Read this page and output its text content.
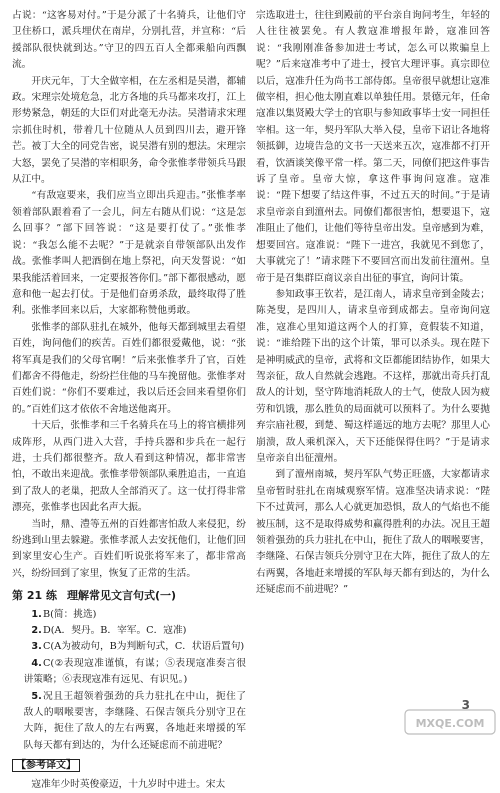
占说：“这客易对付。”于是分派了十名骑兵，让他们守卫住桥口，派兵埋伏在南岸，分别扎营，并宣称：“后援部队很快就到达。”守卫的四五百人全都乘船向西飘流。

开庆元年，丁大全做宰相，在左丞相是吴潜，都辅政。宋理宗处境危急，北方各地的兵马都来攻打，江上形势紧急，朝廷的大臣们对此毫无办法。吴潜请求宋理宗抓住时机，带着几十位随从人员到四川去，避开锋芒。被丁大全的同党告密，说吴潜有别的想法。宋理宗大怒，罢免了吴潜的宰相职务，命令张惟孝带领兵马跟从江中。

“有敌寇要来，我们应当立即出兵迎击。”张惟孝率领着部队跟着看了一会儿，问左右随从们说：“这是怎么回事？”部下回答说：“这是要打仗了。”张惟孝说：“我怎么能不去呢？”于是就亲自带领部队出发作战。张惟孝叫人把酒倒在地上祭祀，向天发誓说：“如果我能活着回来，一定要报答你们。”部下都很感动，愿意和他一起去打仗。于是他们奋勇杀敌，最终取得了胜利。张惟孝回来以后，大家都称赞他勇敢。

张惟孝的部队驻扎在城外，他每天都到城里去看望百姓，询问他们的疾苦。百姓们都很爱戴他，说：“张将军真是我们的父母官啊！”后来张惟孝升了官，百姓们都舍不得他走，纷纷拦住他的马车挽留他。张惟孝对百姓们说：“你们不要难过，我以后还会回来看望你们的。”百姓们这才依依不舍地送他离开。

十天后，张惟孝和三千名骑兵在马上的将官横排列成阵形，从西门进入大营，手持兵器和步兵在一起行进，士兵们都很整齐。敌人看到这种情况，都非常害怕，不敢出来迎战。张惟孝带领部队乘胜追击，一直追到了敌人的老巢，把敌人全部消灭了。这一仗打得非常漂亮，张惟孝也因此名声大振。

当时，鼎、澧等五州的百姓都害怕敌人来侵犯，纷纷逃到山里去躲避。张惟孝派人去安抚他们，让他们回到家里安心生产。百姓们听说张将军来了，都非常高兴，纷纷回到了家里，恢复了正常的生活。

第 21 练 理解常见文言句式(一)

1. B(简：挑选)

2. D(A．契丹。B．宰军。C．寇准)

3. C(A为被动句，B为判断句式，C．状语后置句)

4. C(②表现寇准谨慎，有谋；⑤表现寇准奏言很讲策略；⑥表现寇准有远见、有识见。)

5. 况且王超领着强劲的兵力驻扎在中山，扼住了敌人的咽喉要害，李继隆、石保吉领兵分别守卫在大阵，扼住了敌人的左右两翼，各地赶来增援的军队每天都有到达的，为什么还疑虑而不前进呢？

【参考译文】

寇准年少时英俊豪迈，十九岁时中进士。宋太

宗选取进士，往往到殿前的平台亲自询问考生，年轻的人往往被罢免。有人教寇准增报年龄，寇准回答说：“我刚刚准备参加进士考试，怎么可以欺骗皇上呢？”后来寇准考中了进士，授官大理评事。真宗即位以后，寇准升任为尚书工部侍郎。皇帝很早就想让寇准做宰相，担心他太刚直难以单独任用。景德元年，任命寇准以集贤殿大学士的官职与参知政事毕士安一同担任宰相。这一年，契丹军队大举入侵，皇帝下诏让各地将领抵御，边境告急的文书一天送来五次，寇准都不打开看，饮酒谈笑像平常一样。第二天，同僚们把这件事告诉了皇帝。皇帝大惊，拿这件事询问寇准。寇准说：“陛下想要了结这件事，不过五天的时间。”于是请求皇帝亲自到澶州去。同僚们都很害怕，想要退下，寇准阻止了他们，让他们等待皇帝出发。皇帝感到为难，想要回宫。寇准说：“陛下一进宫，我就见不到您了，大事就完了！”请求陛下不要回宫而出发前往澶州。皇帝于是召集群臣商议亲自出征的事宜，询问计策。

参知政事王钦若，是江南人，请求皇帝到金陵去；陈尧叟，是四川人，请求皇帝到成都去。皇帝询问寇准，寇准心里知道这两个人的打算，竟假装不知道，说：“谁给陛下出的这个计策，罪可以杀头。现在陛下是神明威武的皇帝，武将和文臣都能团结协作，如果大驾亲征，敌人自然就会逃跑。不这样，那就出奇兵打乱敌人的计划，坚守阵地消耗敌人的士气，使敌人因为疲劳和饥饿，那么胜负的局面就可以预料了。为什么要抛弃宗庙社稷，到楚、蜀这样遥远的地方去呢？那里人心崩溃，敌人乘机深入，天下还能保得住吗？”于是请求皇帝亲自出征澶州。

到了澶州南城，契丹军队气势正旺盛，大家都请求皇帝暂时驻扎在南城观察军情。寇准坚决请求说：“陛下不过黄河，那么人心就更加恐惧，敌人的气焰也不能被压制，这不是取得威势和赢得胜利的办法。况且王超领着强劲的兵力驻扎在中山，扼住了敌人的咽喉要害，李继隆、石保吉领兵分别守卫在大阵，扼住了敌人的左右两翼，各地赶来增援的军队每天都有到达的，为什么还疑虑而不前进呢？”

3
MXQE.COM
